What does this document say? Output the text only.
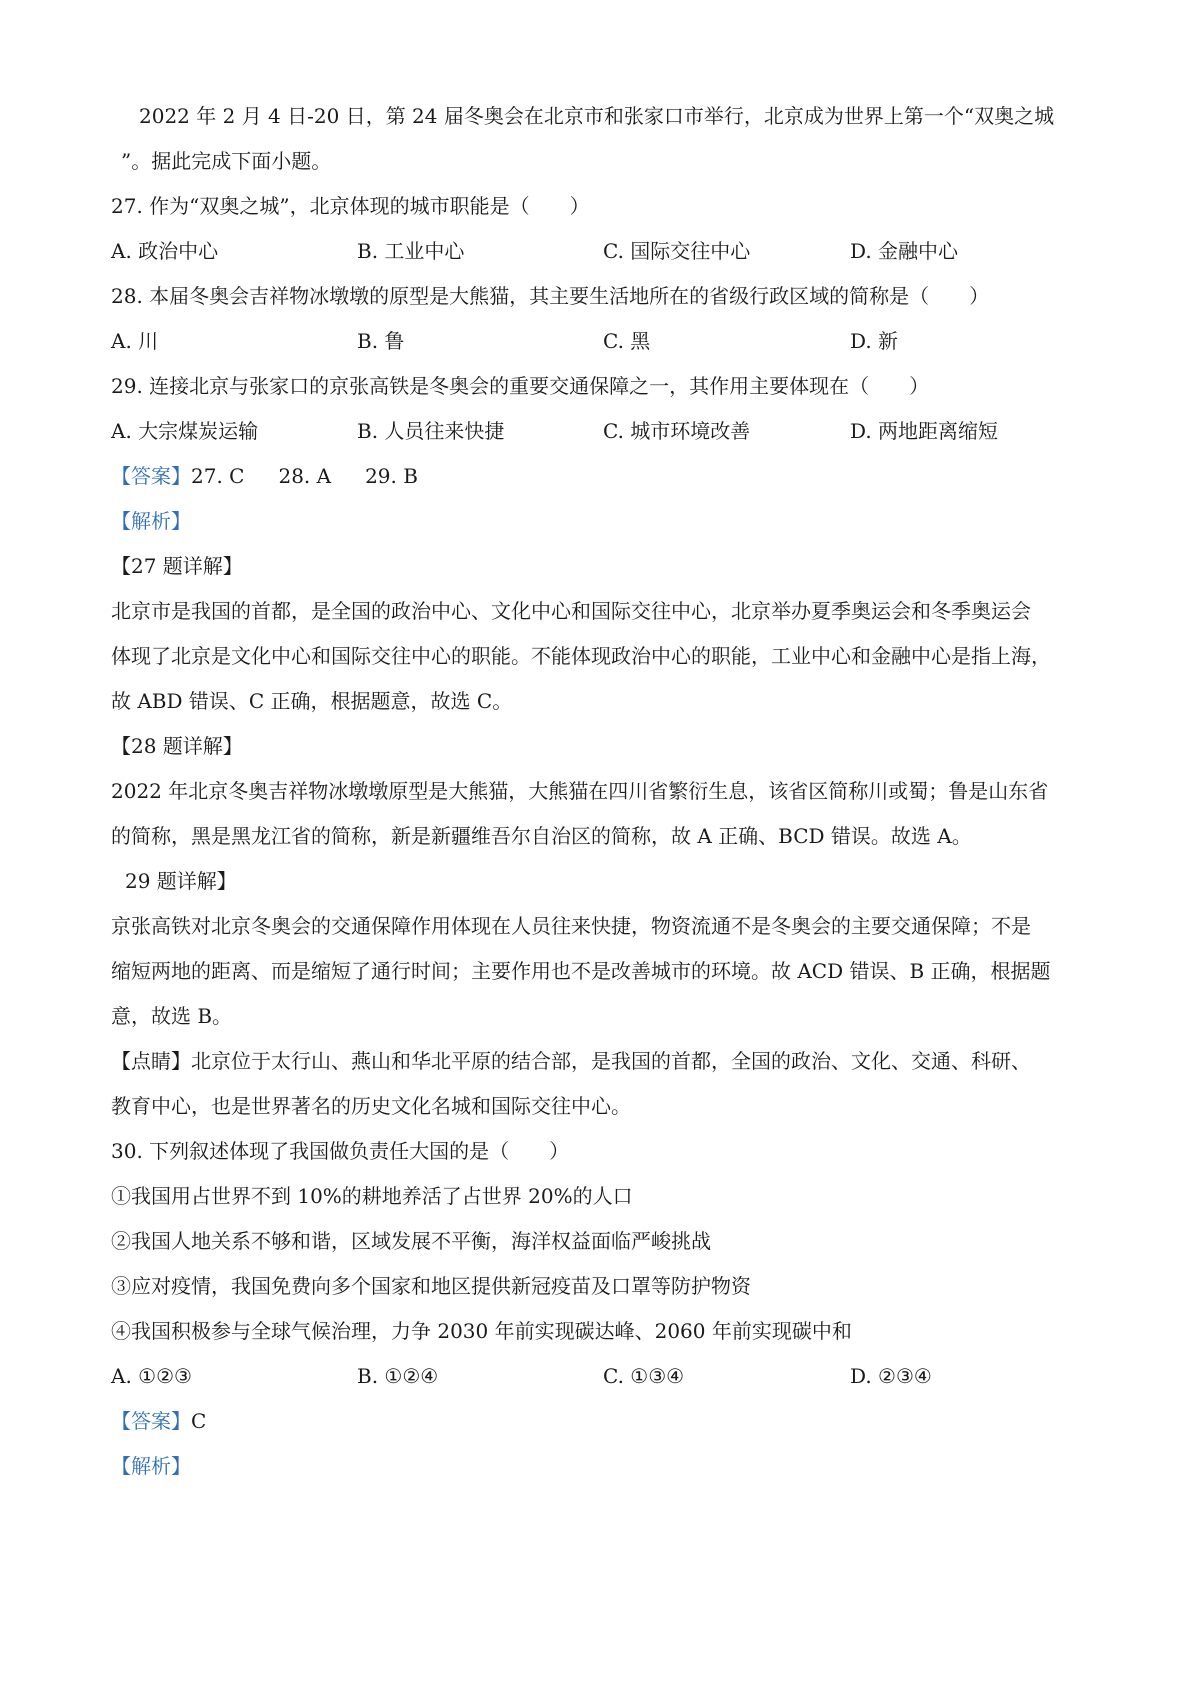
2022 年 2 月 4 日-20 日，第 24 届冬奥会在北京市和张家口市举行，北京成为世界上第一个“双奥之城
”。据此完成下面小题。
27. 作为“双奥之城”，北京体现的城市职能是（　　）
A. 政治中心	B. 工业中心	C. 国际交往中心	D. 金融中心
28. 本届冬奥会吉祥物冰墩墩的原型是大熊猫，其主要生活地所在的省级行政区域的简称是（　　）
A. 川	B. 鲁	C. 黑	D. 新
29. 连接北京与张家口的京张高铁是冬奥会的重要交通保障之一，其作用主要体现在（　　）
A. 大宗煤炭运输	B. 人员往来快捷	C. 城市环境改善	D. 两地距离缩短
【答案】27. C 28. A 29. B
【解析】
【27 题详解】
北京市是我国的首都，是全国的政治中心、文化中心和国际交往中心，北京举办夏季奥运会和冬季奥运会
体现了北京是文化中心和国际交往中心的职能。不能体现政治中心的职能，工业中心和金融中心是指上海，
故 ABD 错误、C 正确，根据题意，故选 C。
【28 题详解】
2022 年北京冬奥吉祥物冰墩墩原型是大熊猫，大熊猫在四川省繁衍生息，该省区简称川或蜀；鲁是山东省
的简称，黑是黑龙江省的简称，新是新疆维吾尔自治区的简称，故 A 正确、BCD 错误。故选 A。
29 题详解】
京张高铁对北京冬奥会的交通保障作用体现在人员往来快捷，物资流通不是冬奥会的主要交通保障；不是
缩短两地的距离、而是缩短了通行时间；主要作用也不是改善城市的环境。故 ACD 错误、B 正确，根据题
意，故选 B。
【点睛】北京位于太行山、燕山和华北平原的结合部，是我国的首都，全国的政治、文化、交通、科研、
教育中心，也是世界著名的历史文化名城和国际交往中心。
30. 下列叙述体现了我国做负责任大国的是（　　）
①我国用占世界不到 10%的耕地养活了占世界 20%的人口
②我国人地关系不够和谐，区域发展不平衡，海洋权益面临严峻挑战
③应对疫情，我国免费向多个国家和地区提供新冠疫苗及口罩等防护物资
④我国积极参与全球气候治理，力争 2030 年前实现碳达峰、2060 年前实现碳中和
A. ①②③	B. ①②④	C. ①③④	D. ②③④
【答案】C
【解析】
